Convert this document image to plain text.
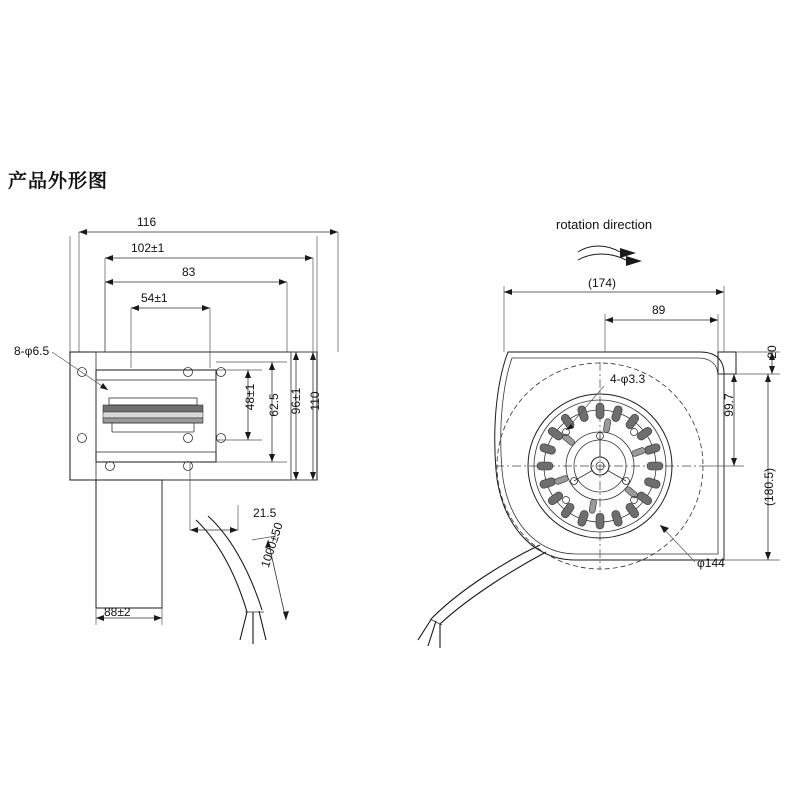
产品外形图
116
102±1
83
54±1
8-φ6.5
48±1 62.5 96±1 110
21.5
1000±50
88±2
rotation direction
(174)
89
20
4-φ3.3
99.7
(180.5)
φ144
